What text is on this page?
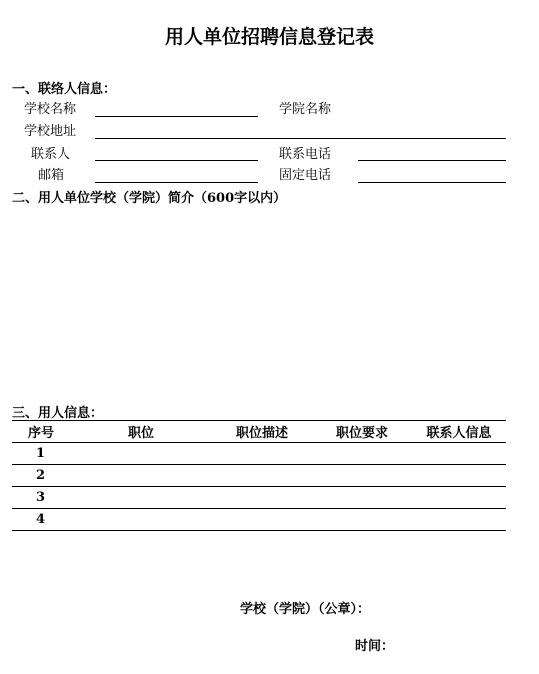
用人单位招聘信息登记表
一、联络人信息：
学校名称	学院名称
学校地址
联系人	联系电话
邮箱	固定电话
二、用人单位学校（学院）简介（600字以内）
三、用人信息：
序号	职位	职位描述	职位要求	联系人信息
1				
2				
3				
4				
学校（学院）（公章）：
时间：
